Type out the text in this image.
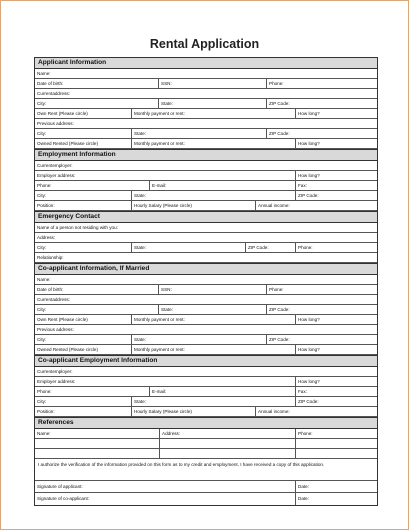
Rental Application
Applicant Information
Name:
Date of birth:	SSN:	Phone:
Currentaddress:
City:	State:	ZIP Code:
Own Rent (Please circle)	Monthly payment or rent:	How long?
Previous address:
City:	State:	ZIP Code:
Owned Rented (Please circle)	Monthly payment or rent:	How long?
Employment Information
Currentemployer:
Employer address:	How long?
Phone:	E-mail:	Fax:
City:	State:	ZIP Code:
Position:	Hourly Salary (Please circle)	Annual income:
Emergency Contact
Name of a person not residing with you:
Address:
City:	State:	ZIP Code:	Phone:
Relationship:
Co-applicant Information, If Married
Name:
Date of birth:	SSN:	Phone:
Currentaddress:
City:	State:	ZIP Code:
Own Rent (Please circle)	Monthly payment or rent:	How long?
Previous address:
City:	State:	ZIP Code:
Owned Rented (Please circle)	Monthly payment or rent:	How long?
Co-applicant Employment Information
Currentemployer:
Employer address:	How long?
Phone:	E-mail:	Fax:
City:	State:	ZIP Code:
Position:	Hourly Salary (Please circle)	Annual income:
References
Name:	Address:	Phone:
I authorize the verification of the information provided on this form as to my credit and employment. I have received a copy of this application.
Signature of applicant:	Date:
Signature of co-applicant:	Date:
